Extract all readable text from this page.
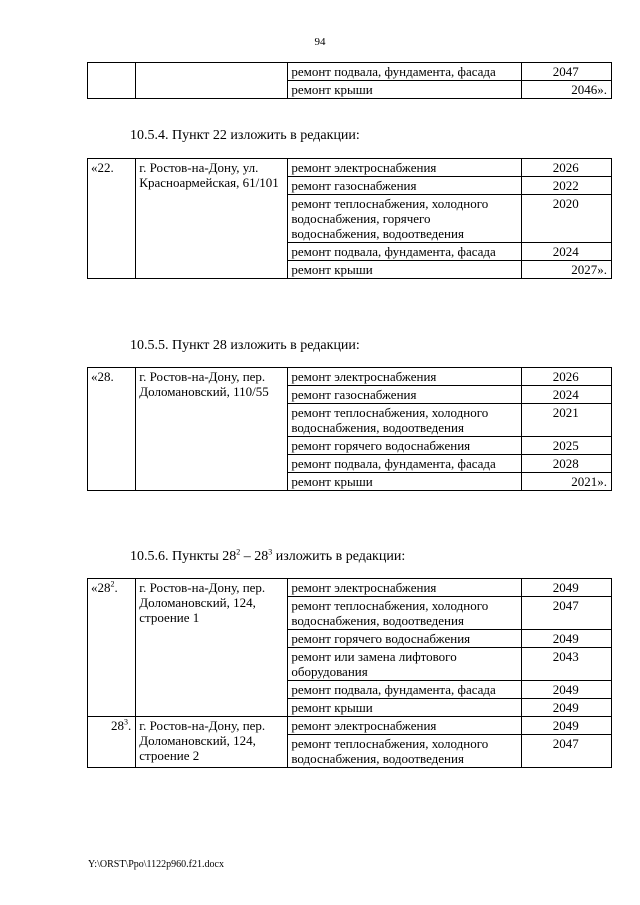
94
		ремонт подвала, фундамента, фасада	2047
		ремонт крыши	2046».
10.5.4. Пункт 22 изложить в редакции:
«22.	г. Ростов-на-Дону, ул. Красноармейская, 61/101	ремонт электроснабжения	2026
		ремонт газоснабжения	2022
		ремонт теплоснабжения, холодного водоснабжения, горячего водоснабжения, водоотведения	2020
		ремонт подвала, фундамента, фасада	2024
		ремонт крыши	2027».
10.5.5. Пункт 28 изложить в редакции:
«28.	г. Ростов-на-Дону, пер. Доломановский, 110/55	ремонт электроснабжения	2026
		ремонт газоснабжения	2024
		ремонт теплоснабжения, холодного водоснабжения, водоотведения	2021
		ремонт горячего водоснабжения	2025
		ремонт подвала, фундамента, фасада	2028
		ремонт крыши	2021».
10.5.6. Пункты $28^2 - 28^3$ изложить в редакции:
«$28^2$.	г. Ростов-на-Дону, пер. Доломановский, 124, строение 1	ремонт электроснабжения	2049
		ремонт теплоснабжения, холодного водоснабжения, водоотведения	2047
		ремонт горячего водоснабжения	2049
		ремонт или замена лифтового оборудования	2043
		ремонт подвала, фундамента, фасада	2049
		ремонт крыши	2049
$28^3$.	г. Ростов-на-Дону, пер. Доломановский, 124, строение 2	ремонт электроснабжения	2049
		ремонт теплоснабжения, холодного водоснабжения, водоотведения	2047
Y:\ORST\Ppo\1122p960.f21.docx
